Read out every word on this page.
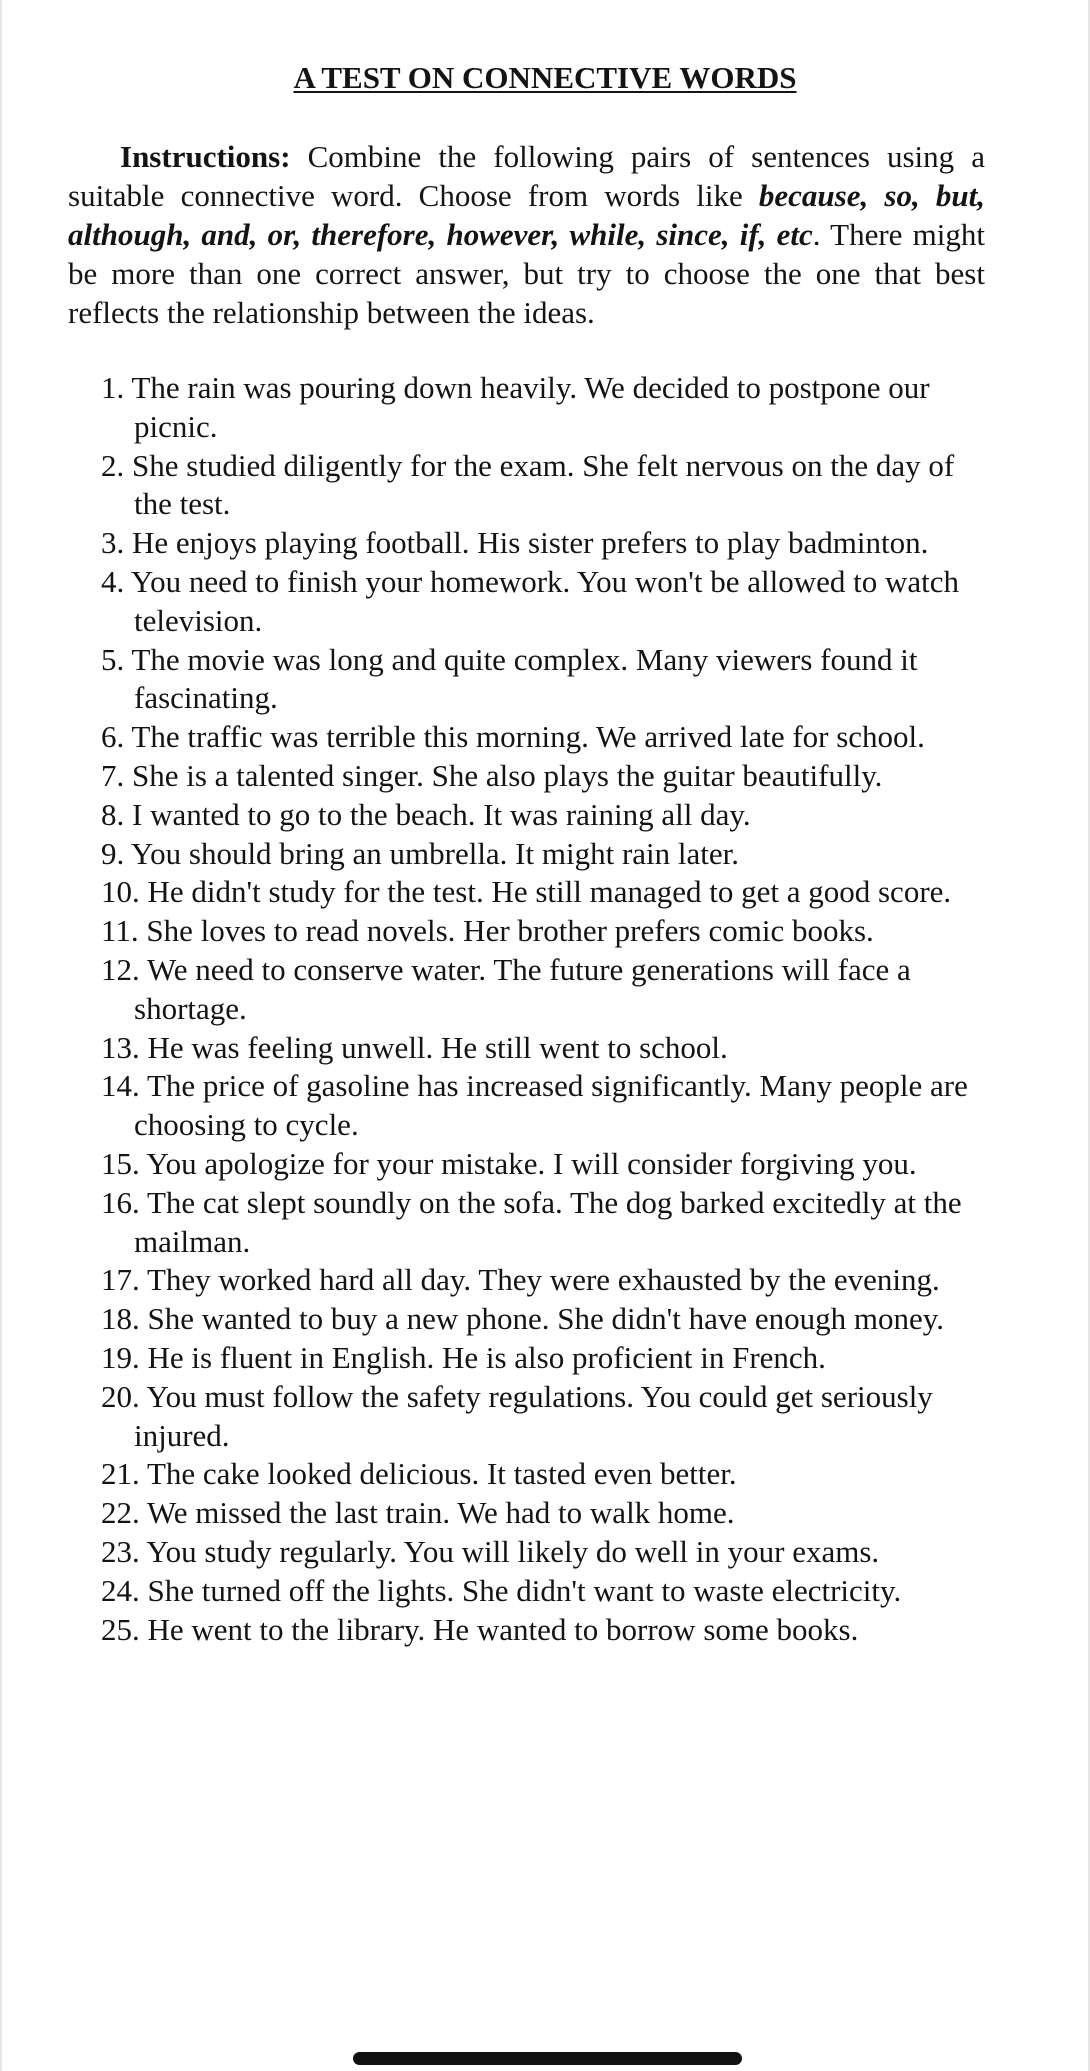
A TEST ON CONNECTIVE WORDS

Instructions: Combine the following pairs of sentences using a suitable connective word. Choose from words like because, so, but, although, and, or, therefore, however, while, since, if, etc. There might be more than one correct answer, but try to choose the one that best reflects the relationship between the ideas.

1. The rain was pouring down heavily. We decided to postpone our picnic.
2. She studied diligently for the exam. She felt nervous on the day of the test.
3. He enjoys playing football. His sister prefers to play badminton.
4. You need to finish your homework. You won't be allowed to watch television.
5. The movie was long and quite complex. Many viewers found it fascinating.
6. The traffic was terrible this morning. We arrived late for school.
7. She is a talented singer. She also plays the guitar beautifully.
8. I wanted to go to the beach. It was raining all day.
9. You should bring an umbrella. It might rain later.
10. He didn't study for the test. He still managed to get a good score.
11. She loves to read novels. Her brother prefers comic books.
12. We need to conserve water. The future generations will face a shortage.
13. He was feeling unwell. He still went to school.
14. The price of gasoline has increased significantly. Many people are choosing to cycle.
15. You apologize for your mistake. I will consider forgiving you.
16. The cat slept soundly on the sofa. The dog barked excitedly at the mailman.
17. They worked hard all day. They were exhausted by the evening.
18. She wanted to buy a new phone. She didn't have enough money.
19. He is fluent in English. He is also proficient in French.
20. You must follow the safety regulations. You could get seriously injured.
21. The cake looked delicious. It tasted even better.
22. We missed the last train. We had to walk home.
23. You study regularly. You will likely do well in your exams.
24. She turned off the lights. She didn't want to waste electricity.
25. He went to the library. He wanted to borrow some books.
